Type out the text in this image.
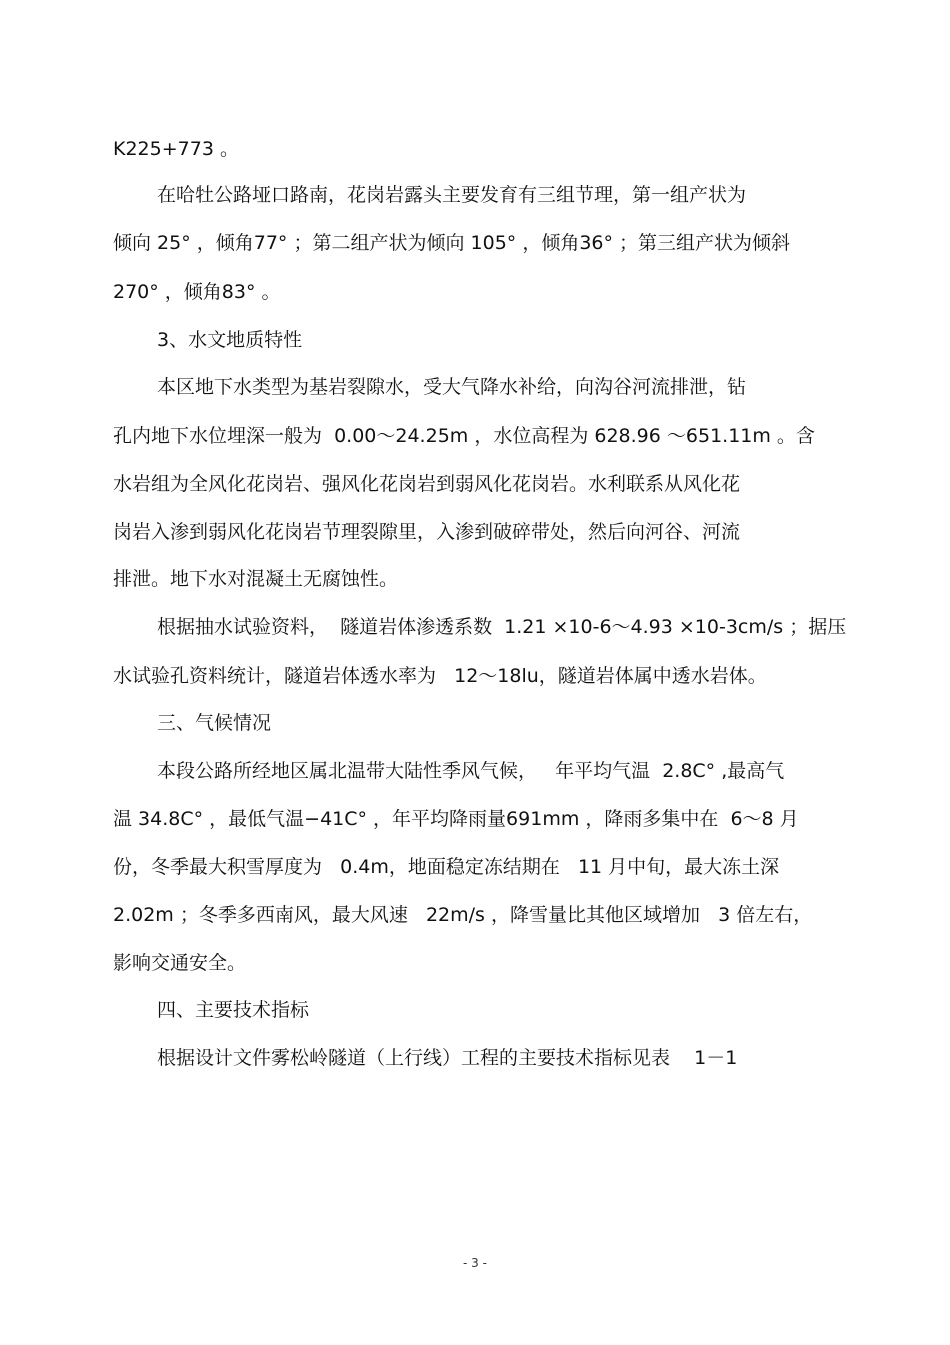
K225+773 。
在哈牡公路垭口路南，花岗岩露头主要发育有三组节理，第一组产状为
倾向 25° ，倾角77° ；第二组产状为倾向 105° ，倾角36° ；第三组产状为倾斜
270° ，倾角83° 。
3、水文地质特性
本区地下水类型为基岩裂隙水，受大气降水补给，向沟谷河流排泄，钻
孔内地下水位埋深一般为  0.00～24.25m ，水位高程为 628.96 ～651.11m 。含
水岩组为全风化花岗岩、强风化花岗岩到弱风化花岗岩。水利联系从风化花
岗岩入渗到弱风化花岗岩节理裂隙里，入渗到破碎带处，然后向河谷、河流
排泄。地下水对混凝土无腐蚀性。
根据抽水试验资料，  隧道岩体渗透系数  1.21 ×10-6～4.93 ×10-3cm/s ；据压
水试验孔资料统计，隧道岩体透水率为   12～18lu，隧道岩体属中透水岩体。
三、气候情况
本段公路所经地区属北温带大陆性季风气候，   年平均气温  2.8C° ,最高气
温 34.8C° ，最低气温−41C° ，年平均降雨量691mm ，降雨多集中在  6～8 月
份，冬季最大积雪厚度为   0.4m，地面稳定冻结期在   11 月中旬，最大冻土深
2.02m ；冬季多西南风，最大风速   22m/s ，降雪量比其他区域增加   3 倍左右，
影响交通安全。
四、主要技术指标
根据设计文件雾松岭隧道（上行线）工程的主要技术指标见表    1－1
- 3 -
